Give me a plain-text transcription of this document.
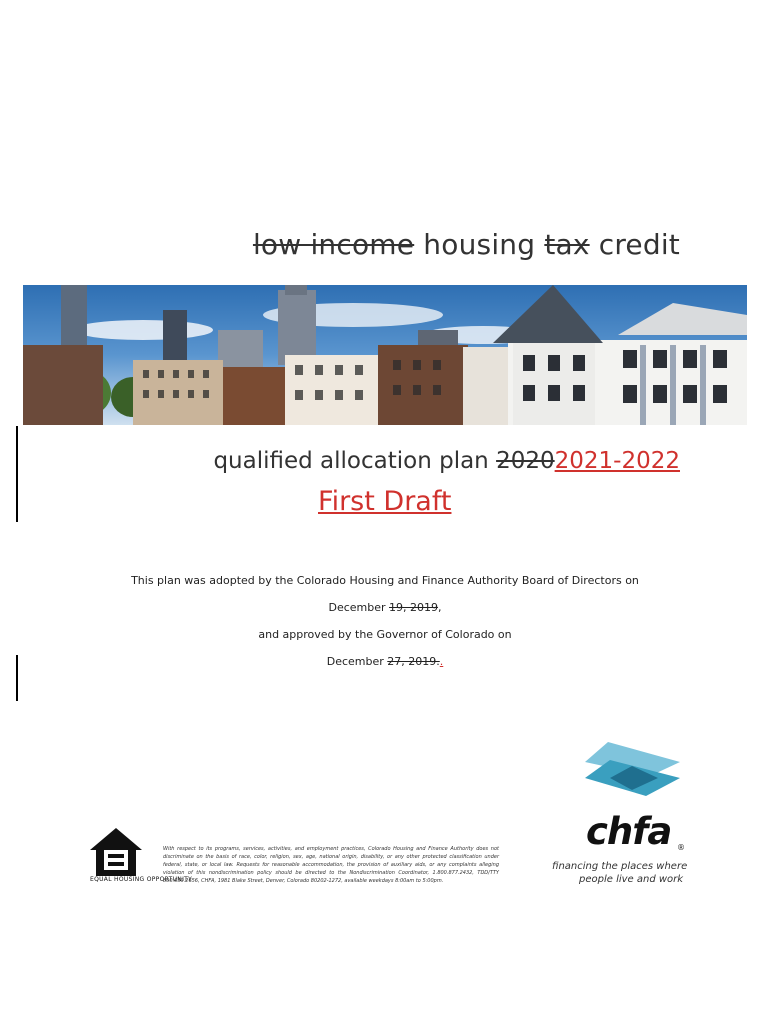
low income housing tax credit
qualified allocation plan 20202021-2022
First Draft
This plan was adopted by the Colorado Housing and Finance Authority Board of Directors on
December 19, 2019,
and approved by the Governor of Colorado on
December 27, 2019..
EQUAL HOUSING OPPORTUNITY
With respect to its programs, services, activities, and employment practices, Colorado Housing and Finance Authority does not discriminate on the basis of race, color, religion, sex, age, national origin, disability, or any other protected classification under federal, state, or local law. Requests for reasonable accommodation, the provision of auxiliary aids, or any complaints alleging violation of this nondiscrimination policy should be directed to the Nondiscrimination Coordinator, 1.800.877.2432, TDD/TTY 800.659.2656, CHFA, 1981 Blake Street, Denver, Colorado 80202-1272, available weekdays 8:00am to 5:00pm.
chfa ®
financing the places where
people live and work
